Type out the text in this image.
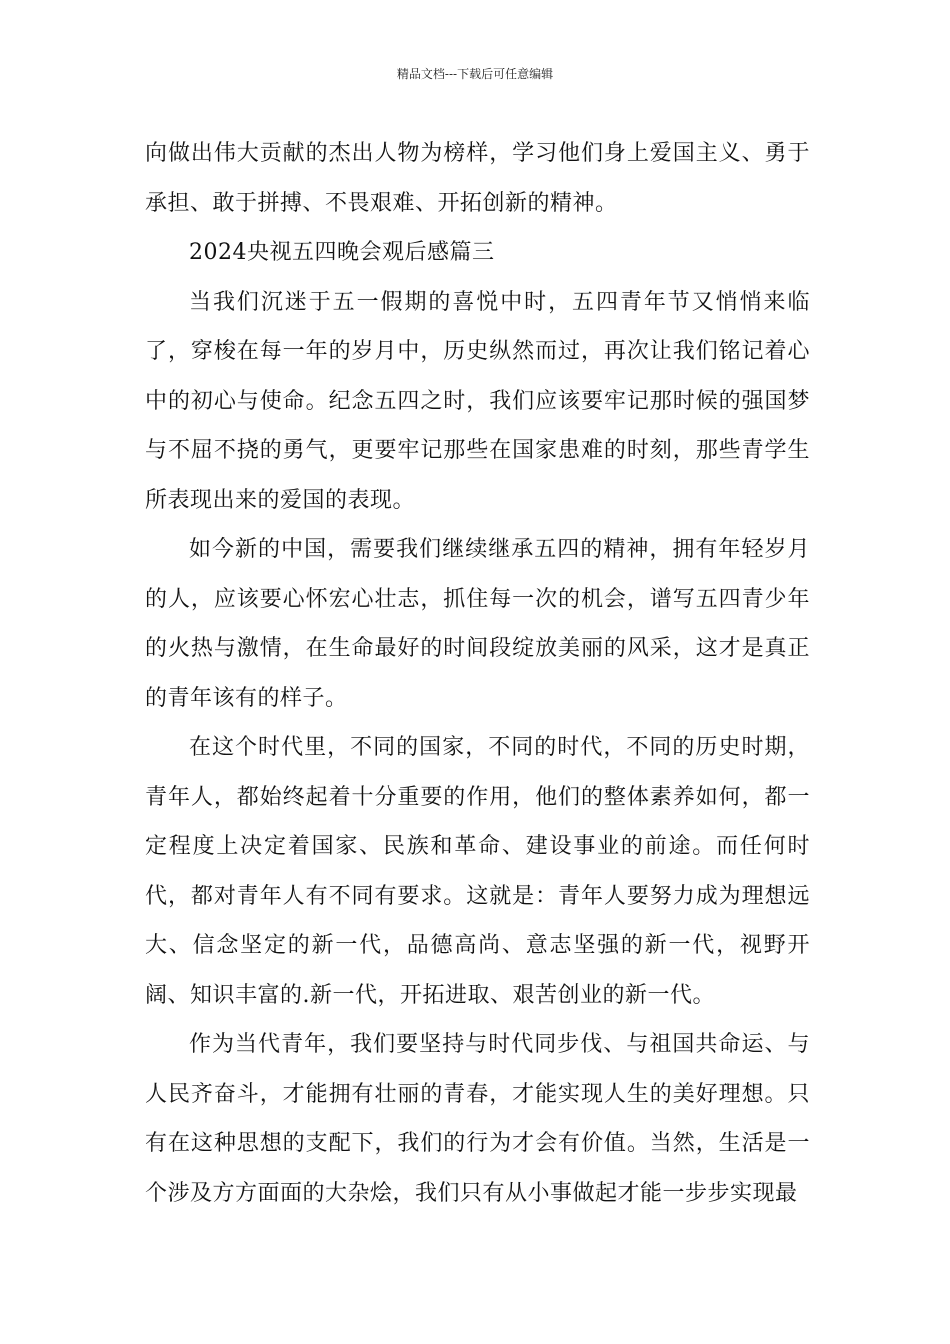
精品文档---下载后可任意编辑

向做出伟大贡献的杰出人物为榜样，学习他们身上爱国主义、勇于承担、敢于拼搏、不畏艰难、开拓创新的精神。

2024央视五四晚会观后感篇三

当我们沉迷于五一假期的喜悦中时，五四青年节又悄悄来临了，穿梭在每一年的岁月中，历史纵然而过，再次让我们铭记着心中的初心与使命。纪念五四之时，我们应该要牢记那时候的强国梦与不屈不挠的勇气，更要牢记那些在国家患难的时刻，那些青学生所表现出来的爱国的表现。

如今新的中国，需要我们继续继承五四的精神，拥有年轻岁月的人，应该要心怀宏心壮志，抓住每一次的机会，谱写五四青少年的火热与激情，在生命最好的时间段绽放美丽的风采，这才是真正的青年该有的样子。

在这个时代里，不同的国家，不同的时代，不同的历史时期，青年人，都始终起着十分重要的作用，他们的整体素养如何，都一定程度上决定着国家、民族和革命、建设事业的前途。而任何时代，都对青年人有不同有要求。这就是：青年人要努力成为理想远大、信念坚定的新一代，品德高尚、意志坚强的新一代，视野开阔、知识丰富的.新一代，开拓进取、艰苦创业的新一代。

作为当代青年，我们要坚持与时代同步伐、与祖国共命运、与人民齐奋斗，才能拥有壮丽的青春，才能实现人生的美好理想。只有在这种思想的支配下，我们的行为才会有价值。当然，生活是一个涉及方方面面的大杂烩，我们只有从小事做起才能一步步实现最
